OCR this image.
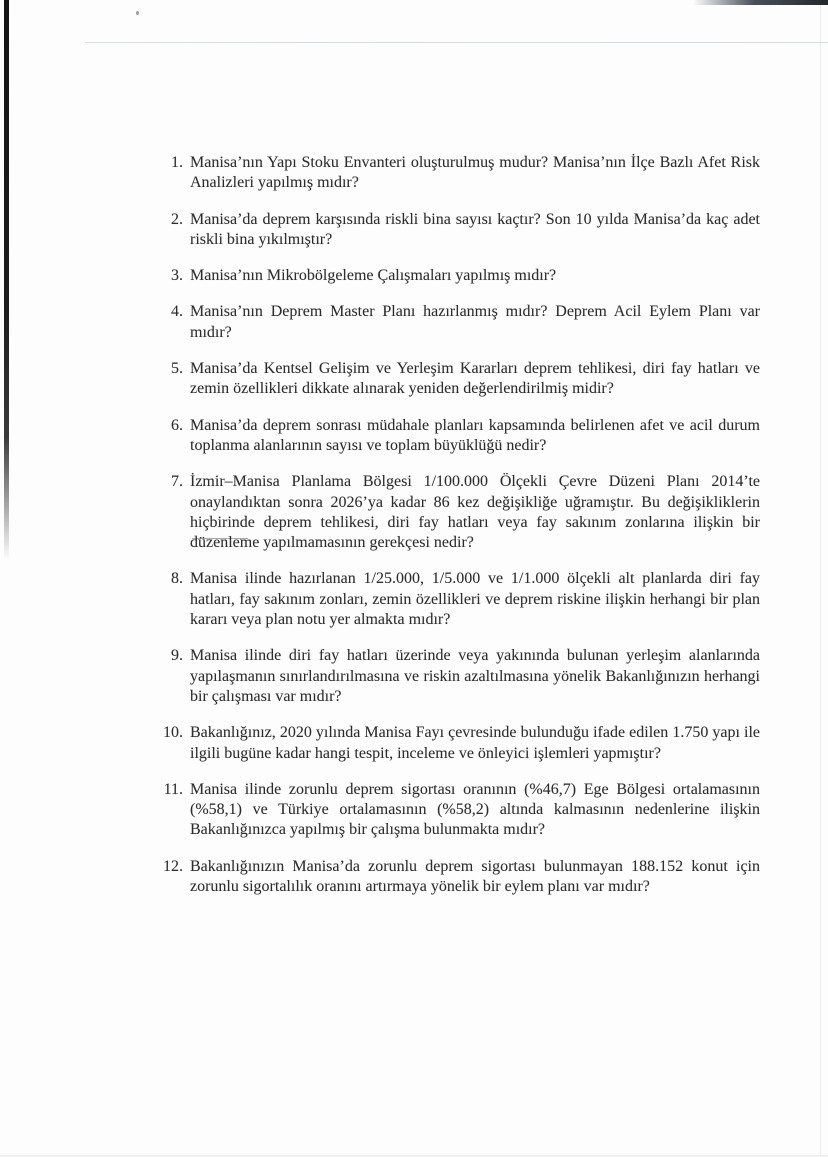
1. Manisa’nın Yapı Stoku Envanteri oluşturulmuş mudur? Manisa’nın İlçe Bazlı Afet Risk Analizleri yapılmış mıdır?
2. Manisa’da deprem karşısında riskli bina sayısı kaçtır? Son 10 yılda Manisa’da kaç adet riskli bina yıkılmıştır?
3. Manisa’nın Mikrobölgeleme Çalışmaları yapılmış mıdır?
4. Manisa’nın Deprem Master Planı hazırlanmış mıdır? Deprem Acil Eylem Planı var mıdır?
5. Manisa’da Kentsel Gelişim ve Yerleşim Kararları deprem tehlikesi, diri fay hatları ve zemin özellikleri dikkate alınarak yeniden değerlendirilmiş midir?
6. Manisa’da deprem sonrası müdahale planları kapsamında belirlenen afet ve acil durum toplanma alanlarının sayısı ve toplam büyüklüğü nedir?
7. İzmir–Manisa Planlama Bölgesi 1/100.000 Ölçekli Çevre Düzeni Planı 2014’te onaylandıktan sonra 2026’ya kadar 86 kez değişikliğe uğramıştır. Bu değişikliklerin hiçbirinde deprem tehlikesi, diri fay hatları veya fay sakınım zonlarına ilişkin bir düzenleme yapılmamasının gerekçesi nedir?
8. Manisa ilinde hazırlanan 1/25.000, 1/5.000 ve 1/1.000 ölçekli alt planlarda diri fay hatları, fay sakınım zonları, zemin özellikleri ve deprem riskine ilişkin herhangi bir plan kararı veya plan notu yer almakta mıdır?
9. Manisa ilinde diri fay hatları üzerinde veya yakınında bulunan yerleşim alanlarında yapılaşmanın sınırlandırılmasına ve riskin azaltılmasına yönelik Bakanlığınızın herhangi bir çalışması var mıdır?
10. Bakanlığınız, 2020 yılında Manisa Fayı çevresinde bulunduğu ifade edilen 1.750 yapı ile ilgili bugüne kadar hangi tespit, inceleme ve önleyici işlemleri yapmıştır?
11. Manisa ilinde zorunlu deprem sigortası oranının (%46,7) Ege Bölgesi ortalamasının (%58,1) ve Türkiye ortalamasının (%58,2) altında kalmasının nedenlerine ilişkin Bakanlığınızca yapılmış bir çalışma bulunmakta mıdır?
12. Bakanlığınızın Manisa’da zorunlu deprem sigortası bulunmayan 188.152 konut için zorunlu sigortalılık oranını artırmaya yönelik bir eylem planı var mıdır?
